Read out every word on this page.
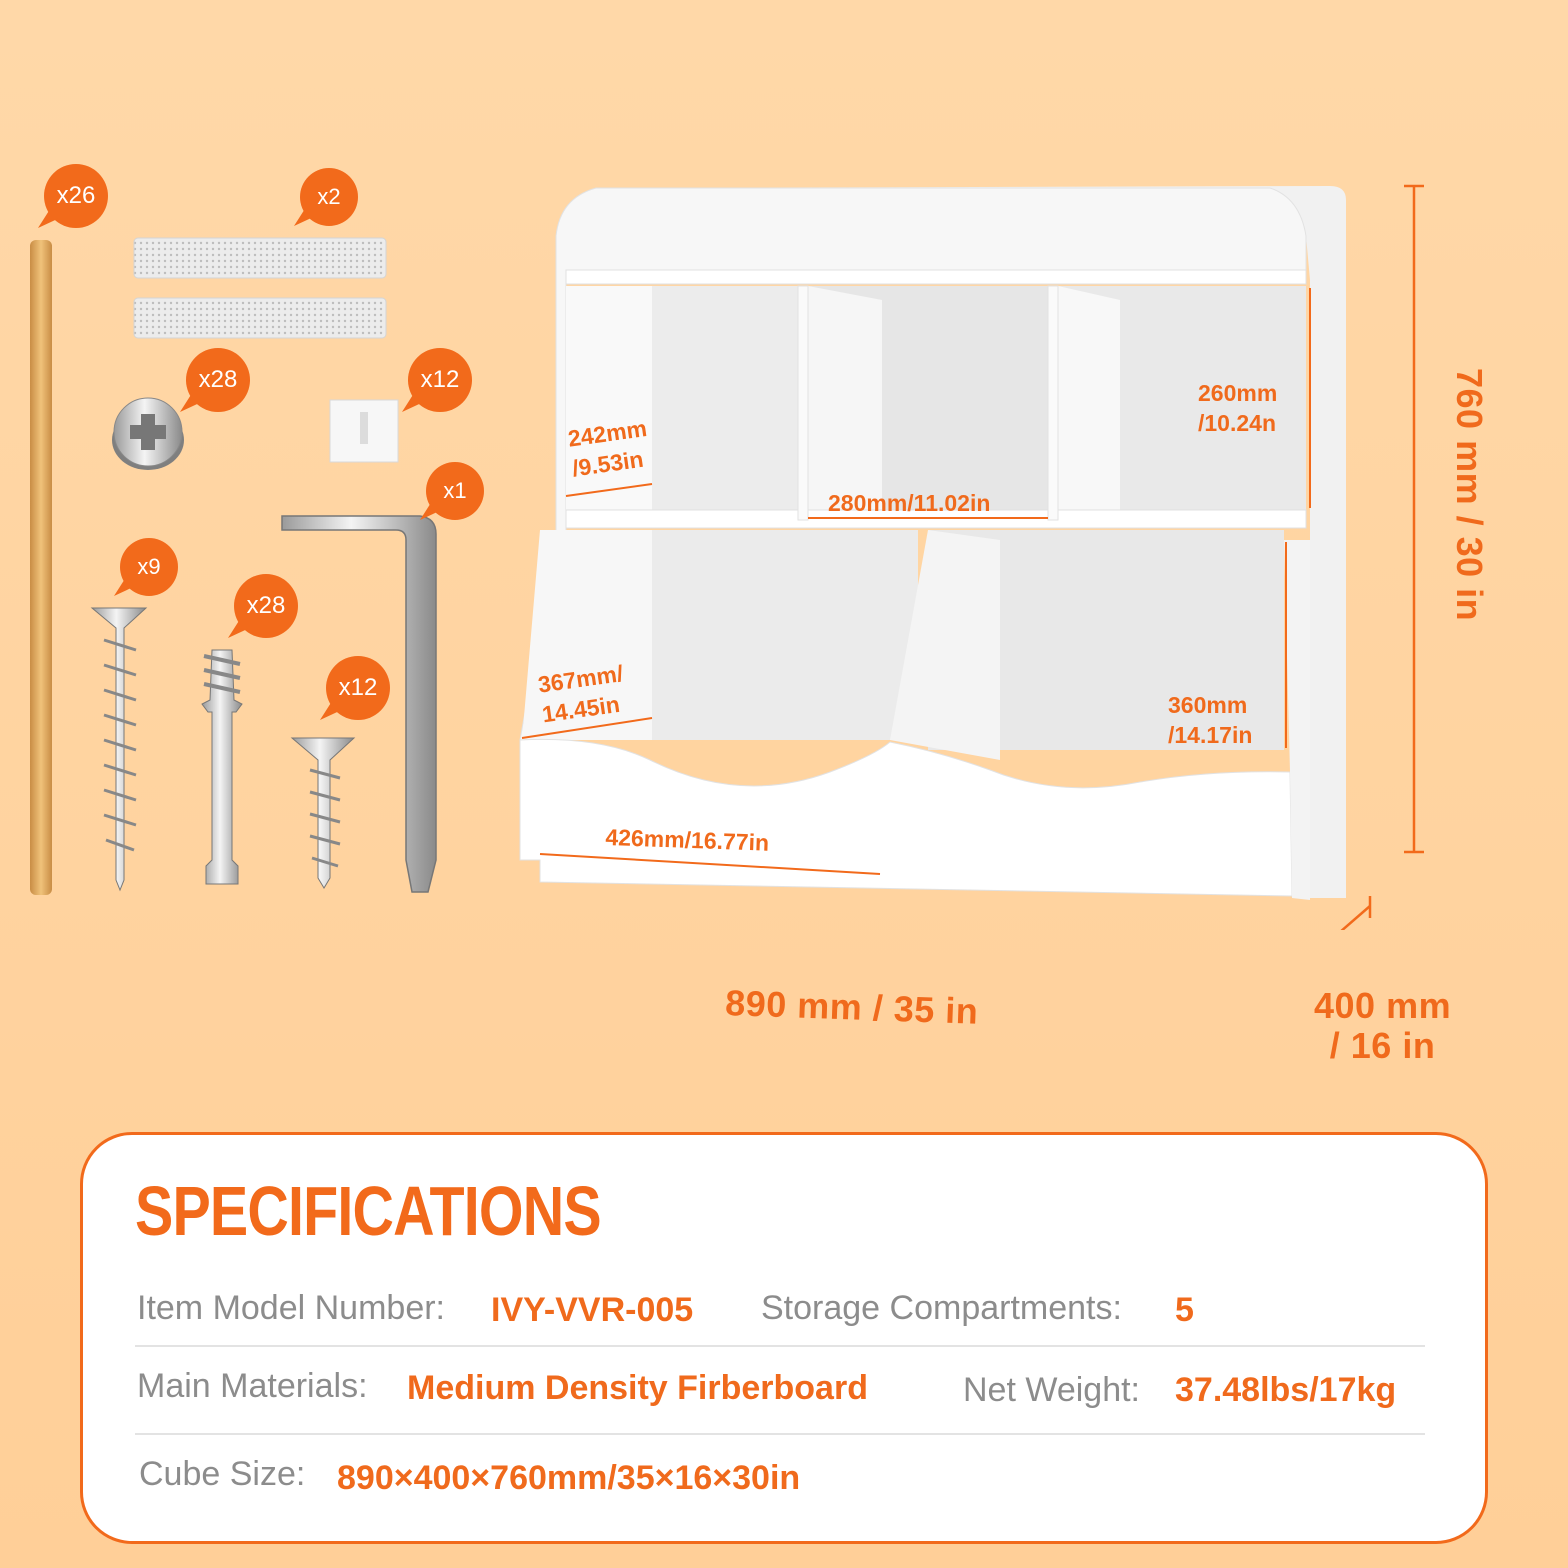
x26	x2
x28	x12
x1
x9
x28
x12
242mm
/9.53in
260mm
/10.24n
280mm/11.02in
367mm/
14.45in	360mm
/14.17in
426mm/16.77in
760 mm / 30 in
890 mm / 35 in	400 mm
/ 16 in
SPECIFICATIONS
Item Model Number: IVY-VVR-005 Storage Compartments: 5
Main Materials: Medium Density Firberboard	Net Weight: 37.48lbs/17kg
Cube Size: 890×400×760mm/35×16×30in
